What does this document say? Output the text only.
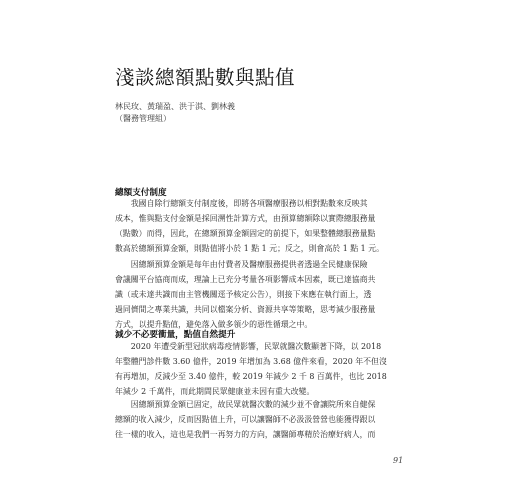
淺談總額點數與點值
林民玫、黃瑞盈、洪于淇、劉林義
（醫務管理組）
總額支付制度
　　我國自除行總額支付制度後，即將各項醫療服務以相對點數來反映其
成本，惟與點支付金額是採回溯性計算方式，由預算總額除以實際總服務量
（點數）而得，因此，在總額預算金額固定的前提下，如果整體總服務量點
數高於總額預算金額，則點值將小於 1 點 1 元；反之，則會高於 1 點 1 元。
　　因總額預算金額是每年由付費者及醫療服務提供者透過全民健康保險
會議關平台協商而成，理論上已充分考量各項影響成本因素，既已達協商共
識（或未達共識而由主管機關逕予核定公告），則接下來應在執行面上，透
過同儕間之專業共識，共同以檔案分析、資源共享等策略，思考減少服務量
方式，以提升點值，避免落入做多領少的惡性循環之中。
減少不必要衝量，點值自然提升
　　2020 年遭受新型冠狀病毒疫情影響，民眾就醫次數顯著下降，以 2018
年整體門診件數 3.60 億件，2019 年增加為 3.68 億件來看，2020 年不但沒
有再增加，反減少至 3.40 億件，較 2019 年減少 2 千 8 百萬件，也比 2018
年減少 2 千萬件，而此期間民眾健康並未因有重大改變。
　　因總額預算金額已固定，故民眾就醫次數的減少並不會讓院所來自健保
總額的收入減少，反而因點值上升，可以讓醫師不必汲汲營營也能獲得跟以
往一樣的收入，這也是我們一再努力的方向，讓醫師專精於治療好病人，而
91
